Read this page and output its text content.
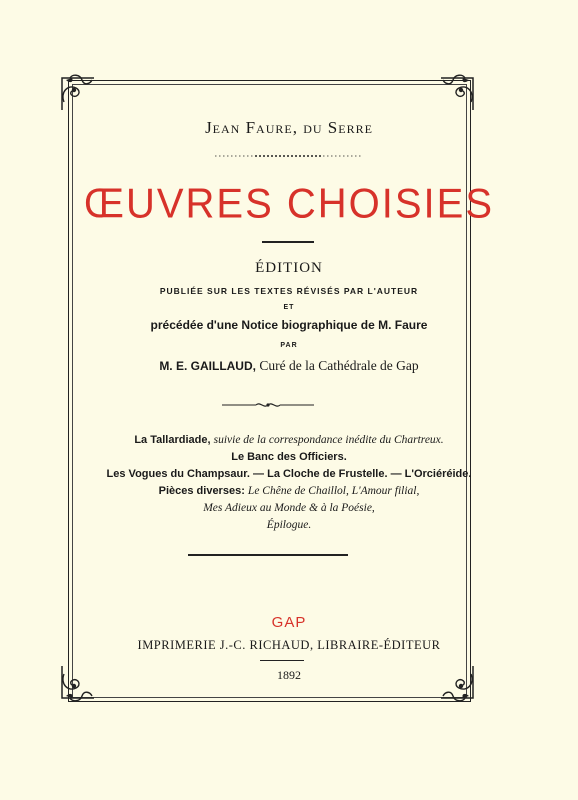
Jean Faure, du Serre
ŒUVRES CHOISIES
ÉDITION
PUBLIÉE SUR LES TEXTES RÉVISÉS PAR L'AUTEUR
ET
précédée d'une Notice biographique de M. Faure
PAR
M. E. GAILLAUD, Curé de la Cathédrale de Gap
La Tallardiade, suivie de la correspondance inédite du Chartreux.
Le Banc des Officiers.
Les Vogues du Champsaur. — La Cloche de Frustelle. — L'Orciéréide.
Pièces diverses: Le Chêne de Chaillol, L'Amour filial,
Mes Adieux au Monde & à la Poésie,
Épilogue.
GAP
IMPRIMERIE J.-C. RICHAUD, LIBRAIRE-ÉDITEUR
1892
